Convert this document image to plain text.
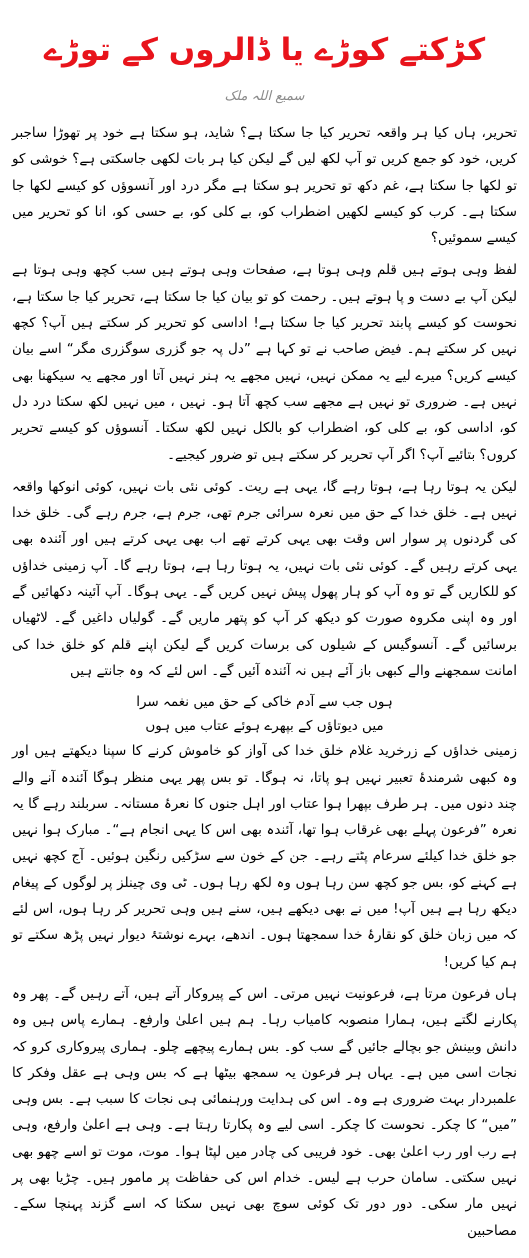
کڑکتے کوڑے یا ڈالروں کے توڑے
سمیع اللہ ملک

تحریر، ہاں کیا ہر واقعہ تحریر کیا جا سکتا ہے؟ شاید، ہو سکتا ہے خود پر تھوڑا ساجبر کریں، خود کو جمع کریں تو آپ لکھ لیں گے لیکن کیا ہر بات لکھی جاسکتی ہے؟ خوشی کو تو لکھا جا سکتا ہے، غم دکھ تو تحریر ہو سکتا ہے مگر درد اور آنسوؤں کو کیسے لکھا جا سکتا ہے۔ کرب کو کیسے لکھیں اضطراب کو، بے کلی کو، بے حسی کو، انا کو تحریر میں کیسے سموئیں؟

لفظ وہی ہوتے ہیں قلم وہی ہوتا ہے، صفحات وہی ہوتے ہیں سب کچھ وہی ہوتا ہے لیکن آپ بے دست و پا ہوتے ہیں۔ رحمت کو تو بیان کیا جا سکتا ہے، تحریر کیا جا سکتا ہے، نحوست کو کیسے پابند تحریر کیا جا سکتا ہے! اداسی کو تحریر کر سکتے ہیں آپ؟ کچھ نہیں کر سکتے ہم۔ فیض صاحب نے تو کہا ہے ”دل پہ جو گزری سوگزری مگر“ اسے بیان کیسے کریں؟ میرے لیے یہ ممکن نہیں، نہیں مجھے یہ ہنر نہیں آتا اور مجھے یہ سیکھنا بھی نہیں ہے۔ ضروری تو نہیں ہے مجھے سب کچھ آتا ہو۔ نہیں ، میں نہیں لکھ سکتا درد دل کو، اداسی کو، بے کلی کو، اضطراب کو بالکل نہیں لکھ سکتا۔ آنسوؤں کو کیسے تحریر کروں؟ بتائیے آپ؟ اگر آپ تحریر کر سکتے ہیں تو ضرور کیجیے۔

لیکن یہ ہوتا رہا ہے، ہوتا رہے گا، یہی ہے ریت۔ کوئی نئی بات نہیں، کوئی انوکھا واقعہ نہیں ہے۔ خلق خدا کے حق میں نعرہ سرائی جرم تھی، جرم ہے، جرم رہے گی۔ خلق خدا کی گردنوں پر سوار اس وقت بھی یہی کرتے تھے اب بھی یہی کرتے ہیں اور آئندہ بھی یہی کرتے رہیں گے۔ کوئی نئی بات نہیں، یہ ہوتا رہا ہے، ہوتا رہے گا۔ آپ زمینی خداؤں کو للکاریں گے تو وہ آپ کو ہار پھول پیش نہیں کریں گے۔ یہی ہوگا۔ آپ آئینہ دکھائیں گے اور وہ اپنی مکروہ صورت کو دیکھ کر آپ کو پتھر ماریں گے۔ گولیاں داغیں گے۔ لاٹھیاں برسائیں گے۔ آنسوگیس کے شیلوں کی برسات کریں گے لیکن اپنے قلم کو خلق خدا کی امانت سمجھنے والے کبھی باز آئے ہیں نہ آئندہ آئیں گے۔ اس لئے کہ وہ جانتے ہیں

ہوں جب سے آدم خاکی کے حق میں نغمہ سرا
میں دیوتاؤں کے بپھرے ہوئے عتاب میں ہوں

زمینی خداؤں کے زرخرید غلام خلق خدا کی آواز کو خاموش کرنے کا سپنا دیکھتے ہیں اور وہ کبھی شرمندۂ تعبیر نہیں ہو پاتا، نہ ہوگا۔ تو بس پھر یہی منظر ہوگا آئندہ آنے والے چند دنوں میں۔ ہر طرف بپھرا ہوا عتاب اور اہل جنوں کا نعرۂ مستانہ۔ سربلند رہے گا یہ نعرہ ”فرعون پہلے بھی غرقاب ہوا تھا، آئندہ بھی اس کا یہی انجام ہے“۔ مبارک ہوا نہیں جو خلق خدا کیلئے سرعام پٹتے رہے۔ جن کے خون سے سڑکیں رنگین ہوئیں۔ آج کچھ نہیں ہے کہنے کو، بس جو کچھ سن رہا ہوں وہ لکھ رہا ہوں۔ ٹی وی چینلز پر لوگوں کے پیغام دیکھ رہا ہے ہیں آپ! میں نے بھی دیکھے ہیں، سنے ہیں وہی تحریر کر رہا ہوں، اس لئے کہ میں زبان خلق کو نقارۂ خدا سمجھتا ہوں۔ اندھے، بہرے نوشتۂ دیوار نہیں پڑھ سکتے تو ہم کیا کریں!

ہاں فرعون مرتا ہے، فرعونیت نہیں مرتی۔ اس کے پیروکار آتے ہیں، آتے رہیں گے۔ پھر وہ پکارنے لگتے ہیں، ہمارا منصوبہ کامیاب رہا۔ ہم ہیں اعلیٰ وارفع۔ ہمارے پاس ہیں وہ دانش وبینش جو بچالے جائیں گے سب کو۔ بس ہمارے پیچھے چلو۔ ہماری پیروکاری کرو کہ نجات اسی میں ہے۔ یہاں ہر فرعون یہ سمجھ بیٹھا ہے کہ بس وہی ہے عقل وفکر کا علمبردار بہت ضروری ہے وہ۔ اس کی ہدایت ورہنمائی ہی نجات کا سبب ہے۔ بس وہی ”میں“ کا چکر۔ نحوست کا چکر۔ اسی لیے وہ پکارتا رہتا ہے۔ وہی ہے اعلیٰ وارفع، وہی ہے رب اور رب اعلیٰ بھی۔ خود فریبی کی چادر میں لپٹا ہوا۔ موت، موت تو اسے چھو بھی نہیں سکتی۔ سامان حرب ہے لیس۔ خدام اس کی حفاظت پر مامور ہیں۔ چڑیا بھی پر نہیں مار سکی۔ دور دور تک کوئی سوچ بھی نہیں سکتا کہ اسے گزند پہنچا سکے۔ مصاحبین
